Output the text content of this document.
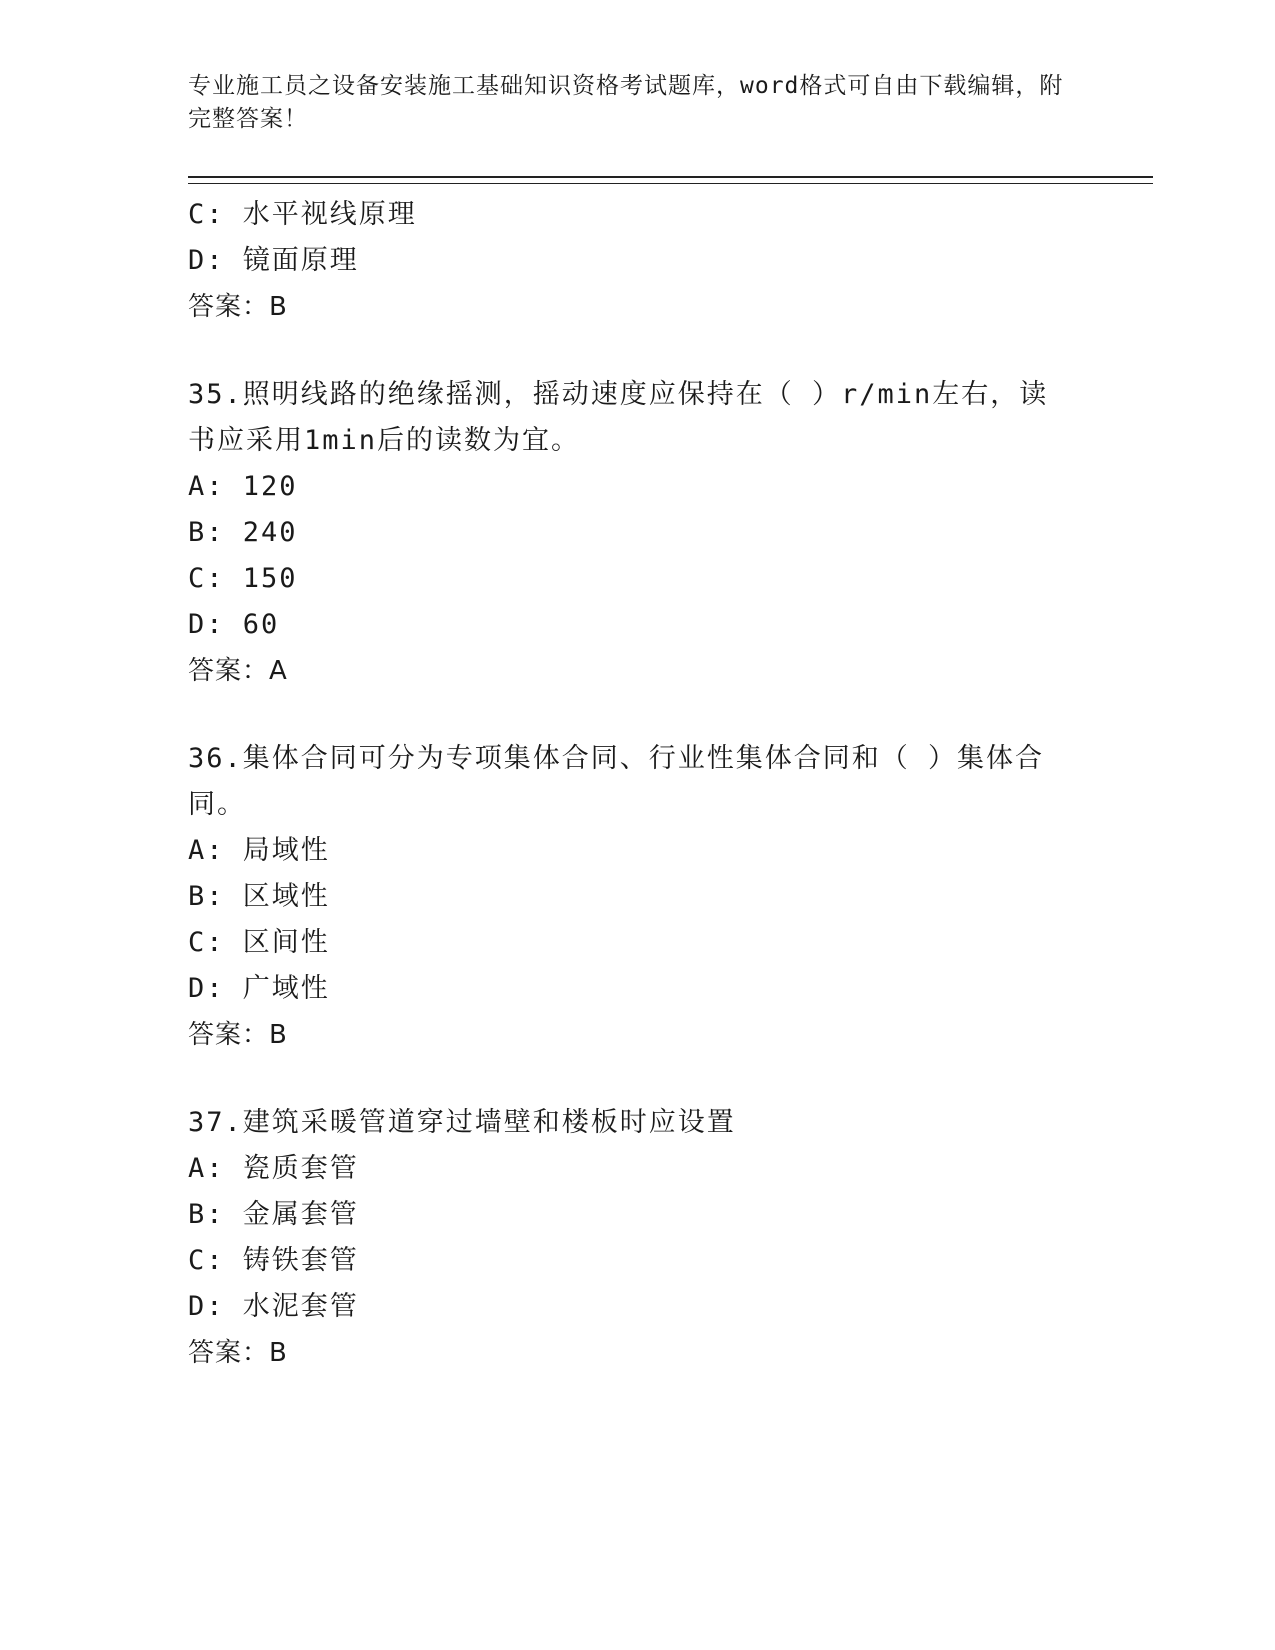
专业施工员之设备安装施工基础知识资格考试题库，word格式可自由下载编辑，附完整答案！

C: 水平视线原理

D: 镜面原理

答案：B

35.照明线路的绝缘摇测，摇动速度应保持在（ ）r/min左右，读书应采用1min后的读数为宜。

A: 120

B: 240

C: 150

D: 60

答案：A

36.集体合同可分为专项集体合同、行业性集体合同和（ ）集体合同。

A: 局域性

B: 区域性

C: 区间性

D: 广域性

答案：B

37.建筑采暖管道穿过墙壁和楼板时应设置

A: 瓷质套管

B: 金属套管

C: 铸铁套管

D: 水泥套管

答案：B
